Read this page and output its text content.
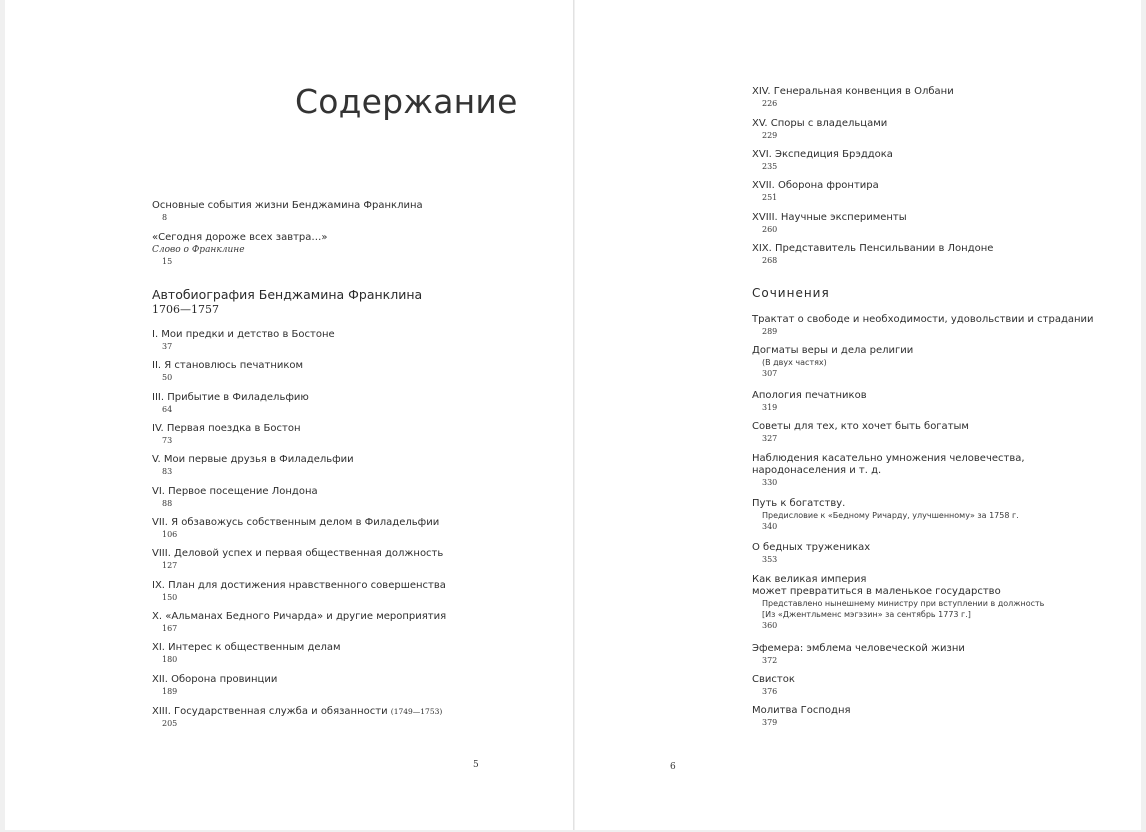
Содержание
Основные события жизни Бенджамина Франклина
8
«Сегодня дороже всех завтра…»
Слово о Франклине
15
Автобиография Бенджамина Франклина
1706—1757
I. Мои предки и детство в Бостоне
37
II. Я становлюсь печатником
50
III. Прибытие в Филадельфию
64
IV. Первая поездка в Бостон
73
V. Мои первые друзья в Филадельфии
83
VI. Первое посещение Лондона
88
VII. Я обзавожусь собственным делом в Филадельфии
106
VIII. Деловой успех и первая общественная должность
127
IX. План для достижения нравственного совершенства
150
X. «Альманах Бедного Ричарда» и другие мероприятия
167
XI. Интерес к общественным делам
180
XII. Оборона провинции
189
XIII. Государственная служба и обязанности (1749—1753)
205
5
XIV. Генеральная конвенция в Олбани
226
XV. Споры с владельцами
229
XVI. Экспедиция Брэддока
235
XVII. Оборона фронтира
251
XVIII. Научные эксперименты
260
XIX. Представитель Пенсильвании в Лондоне
268
Сочинения
Трактат о свободе и необходимости, удовольствии и страдании
289
Догматы веры и дела религии
(В двух частях)
307
Апология печатников
319
Советы для тех, кто хочет быть богатым
327
Наблюдения касательно умножения человечества,
народонаселения и т. д.
330
Путь к богатству.
Предисловие к «Бедному Ричарду, улучшенному» за 1758 г.
340
О бедных тружениках
353
Как великая империя
может превратиться в маленькое государство
Представлено нынешнему министру при вступлении в должность
[Из «Джентльменс мэгэзин» за сентябрь 1773 г.]
360
Эфемера: эмблема человеческой жизни
372
Свисток
376
Молитва Господня
379
6
